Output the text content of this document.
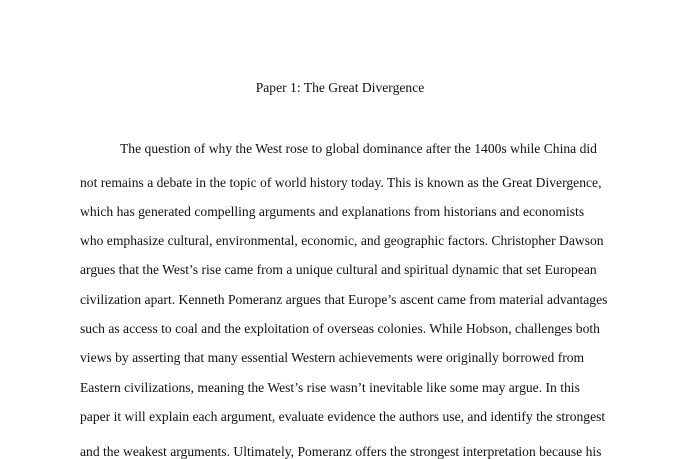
Paper 1: The Great Divergence
The question of why the West rose to global dominance after the 1400s while China did
not remains a debate in the topic of world history today. This is known as the Great Divergence,
which has generated compelling arguments and explanations from historians and economists
who emphasize cultural, environmental, economic, and geographic factors. Christopher Dawson
argues that the West’s rise came from a unique cultural and spiritual dynamic that set European
civilization apart. Kenneth Pomeranz argues that Europe’s ascent came from material advantages
such as access to coal and the exploitation of overseas colonies. While Hobson, challenges both
views by asserting that many essential Western achievements were originally borrowed from
Eastern civilizations, meaning the West’s rise wasn’t inevitable like some may argue. In this
paper it will explain each argument, evaluate evidence the authors use, and identify the strongest
and the weakest arguments. Ultimately, Pomeranz offers the strongest interpretation because his
